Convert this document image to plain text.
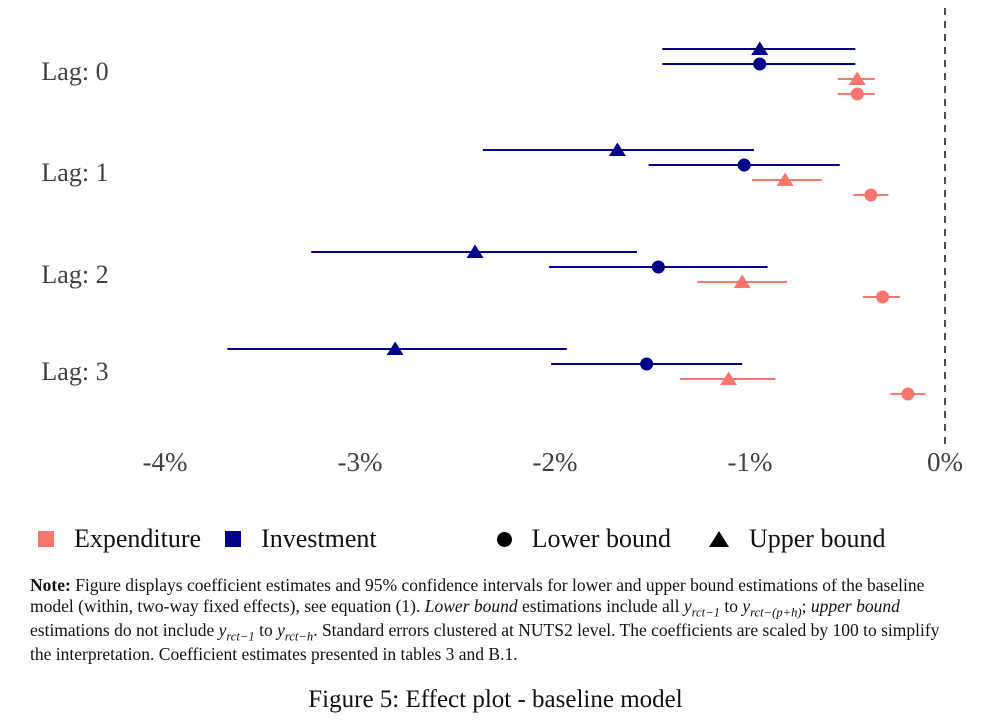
Lag: 0
Lag: 1
Lag: 2
Lag: 3
-4%	-3%	-2%	-1%	0%
Expenditure Investment	Lower bound	Upper bound
Note: Figure displays coefficient estimates and 95% confidence intervals for lower and upper bound estimations of the baseline model (within, two-way fixed effects), see equation (1). Lower bound estimations include all $y_{rct-1}$ to $y_{rct-(p+h)}$; upper bound estimations do not include $y_{rct-1}$ to $y_{rct-h}$. Standard errors clustered at NUTS2 level. The coefficients are scaled by 100 to simplify the interpretation. Coefficient estimates presented in tables 3 and B.1.
Figure 5: Effect plot - baseline model
